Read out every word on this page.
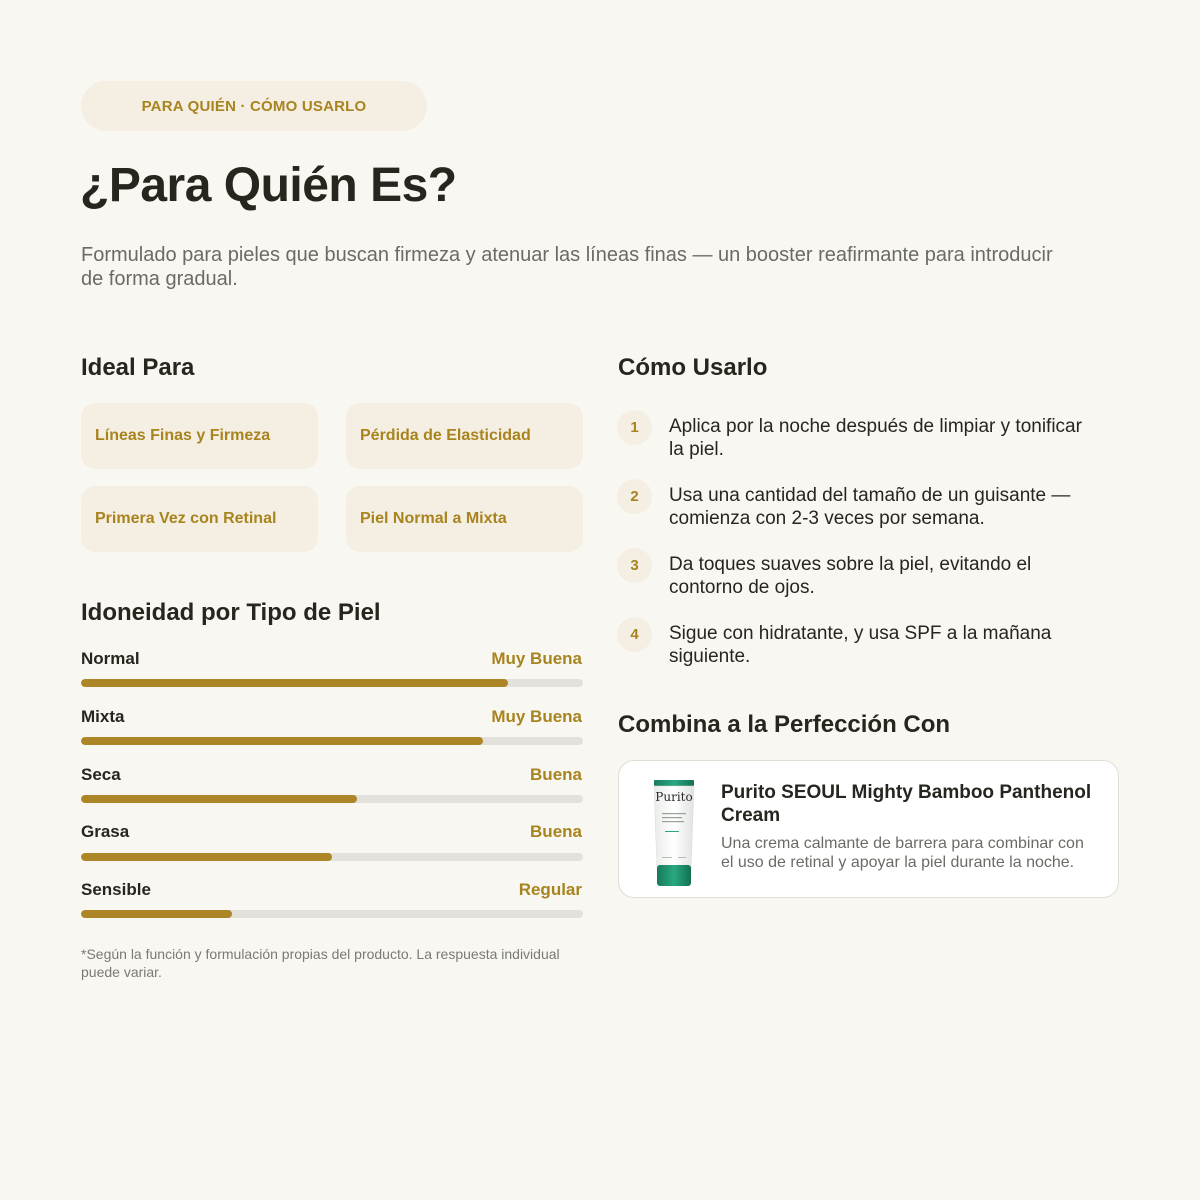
PARA QUIÉN · CÓMO USARLO
¿Para Quién Es?

Formulado para pieles que buscan firmeza y atenuar las líneas finas — un booster reafirmante para introducir de forma gradual.

Ideal Para
Líneas Finas y Firmeza	Pérdida de Elasticidad
Primera Vez con Retinal	Piel Normal a Mixta
Idoneidad por Tipo de Piel
Normal	Muy Buena
Mixta	Muy Buena
Seca	Buena
Grasa	Buena
Sensible	Regular

*Según la función y formulación propias del producto. La respuesta individual puede variar.

Cómo Usarlo
1	Aplica por la noche después de limpiar y tonificar la piel.

2	Usa una cantidad del tamaño de un guisante — comienza con 2-3 veces por semana.

3	Da toques suaves sobre la piel, evitando el contorno de ojos.

4	Sigue con hidratante, y usa SPF a la mañana siguiente.

Combina a la Perfección Con
Purito Purito SEOUL Mighty Bamboo Panthenol Cream

Una crema calmante de barrera para combinar con el uso de retinal y apoyar la piel durante la noche.
